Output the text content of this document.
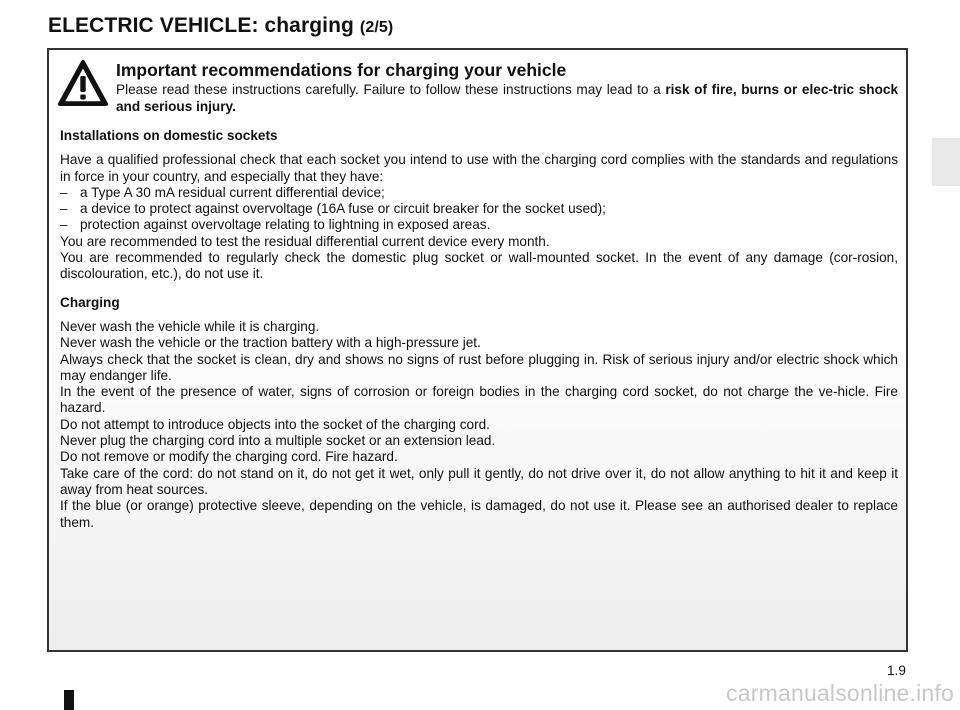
ELECTRIC VEHICLE: charging (2/5)

Important recommendations for charging your vehicle

Please read these instructions carefully. Failure to follow these instructions may lead to a risk of fire, burns or elec-tric shock and serious injury.

Installations on domestic sockets

Have a qualified professional check that each socket you intend to use with the charging cord complies with the standards and regulations in force in your country, and especially that they have:

– a Type A 30 mA residual current differential device;
– a device to protect against overvoltage (16A fuse or circuit breaker for the socket used);
– protection against overvoltage relating to lightning in exposed areas.

You are recommended to test the residual differential current device every month.

You are recommended to regularly check the domestic plug socket or wall-mounted socket. In the event of any damage (cor-rosion, discolouration, etc.), do not use it.

Charging

Never wash the vehicle while it is charging.

Never wash the vehicle or the traction battery with a high-pressure jet.

Always check that the socket is clean, dry and shows no signs of rust before plugging in. Risk of serious injury and/or electric shock which may endanger life.

In the event of the presence of water, signs of corrosion or foreign bodies in the charging cord socket, do not charge the ve-hicle. Fire hazard.

Do not attempt to introduce objects into the socket of the charging cord.

Never plug the charging cord into a multiple socket or an extension lead.

Do not remove or modify the charging cord. Fire hazard.

Take care of the cord: do not stand on it, do not get it wet, only pull it gently, do not drive over it, do not allow anything to hit it and keep it away from heat sources.

If the blue (or orange) protective sleeve, depending on the vehicle, is damaged, do not use it. Please see an authorised dealer to replace them.

1.9
carmanualsonline.info
